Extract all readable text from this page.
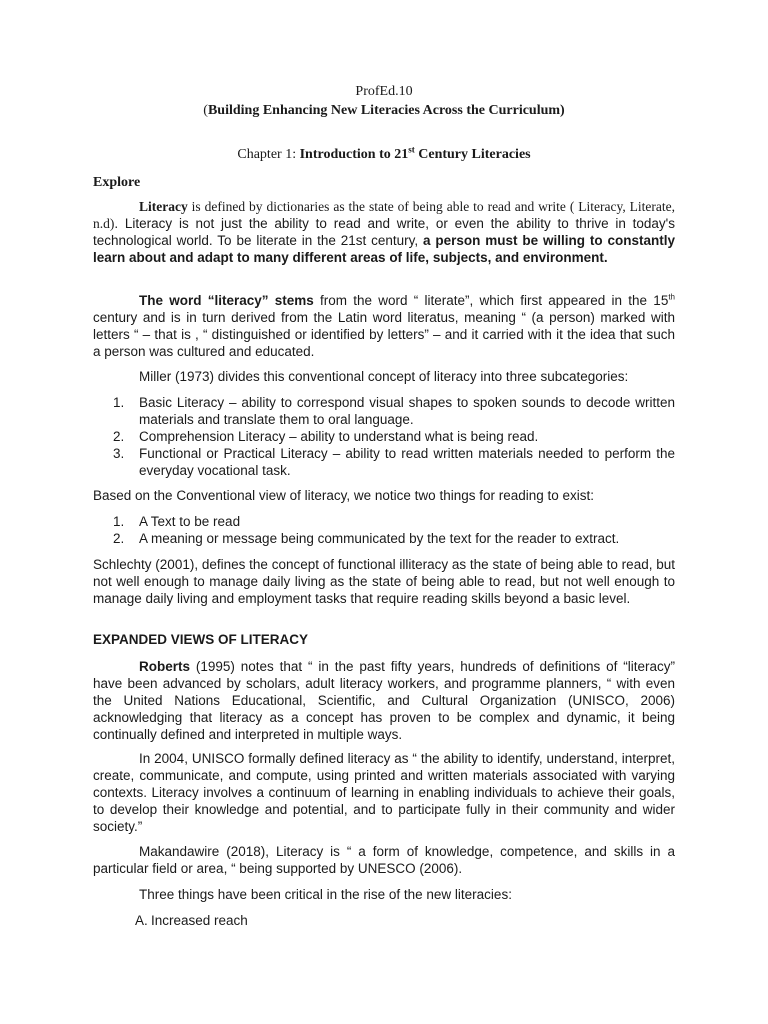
ProfEd.10
(Building Enhancing New Literacies Across the Curriculum)
Chapter 1: Introduction to 21st Century Literacies
Explore
Literacy is defined by dictionaries as the state of being able to read and write ( Literacy, Literate, n.d). Literacy is not just the ability to read and write, or even the ability to thrive in today's technological world. To be literate in the 21st century, a person must be willing to constantly learn about and adapt to many different areas of life, subjects, and environment.
The word “literacy” stems from the word “ literate”, which first appeared in the 15th century and is in turn derived from the Latin word literatus, meaning “ (a person) marked with letters “ – that is , “ distinguished or identified by letters” – and it carried with it the idea that such a person was cultured and educated.
Miller (1973) divides this conventional concept of literacy into three subcategories:
1. Basic Literacy – ability to correspond visual shapes to spoken sounds to decode written materials and translate them to oral language.
2. Comprehension Literacy – ability to understand what is being read.
3. Functional or Practical Literacy – ability to read written materials needed to perform the everyday vocational task.
Based on the Conventional view of literacy, we notice two things for reading to exist:
1. A Text to be read
2. A meaning or message being communicated by the text for the reader to extract.
Schlechty (2001), defines the concept of functional illiteracy as the state of being able to read, but not well enough to manage daily living as the state of being able to read, but not well enough to manage daily living and employment tasks that require reading skills beyond a basic level.
EXPANDED VIEWS OF LITERACY
Roberts (1995) notes that “ in the past fifty years, hundreds of definitions of “literacy” have been advanced by scholars, adult literacy workers, and programme planners, “ with even the United Nations Educational, Scientific, and Cultural Organization (UNISCO, 2006) acknowledging that literacy as a concept has proven to be complex and dynamic, it being continually defined and interpreted in multiple ways.
In 2004, UNISCO formally defined literacy as “ the ability to identify, understand, interpret, create, communicate, and compute, using printed and written materials associated with varying contexts. Literacy involves a continuum of learning in enabling individuals to achieve their goals, to develop their knowledge and potential, and to participate fully in their community and wider society.”
Makandawire (2018), Literacy is “ a form of knowledge, competence, and skills in a particular field or area, “ being supported by UNESCO (2006).
Three things have been critical in the rise of the new literacies:
A. Increased reach
